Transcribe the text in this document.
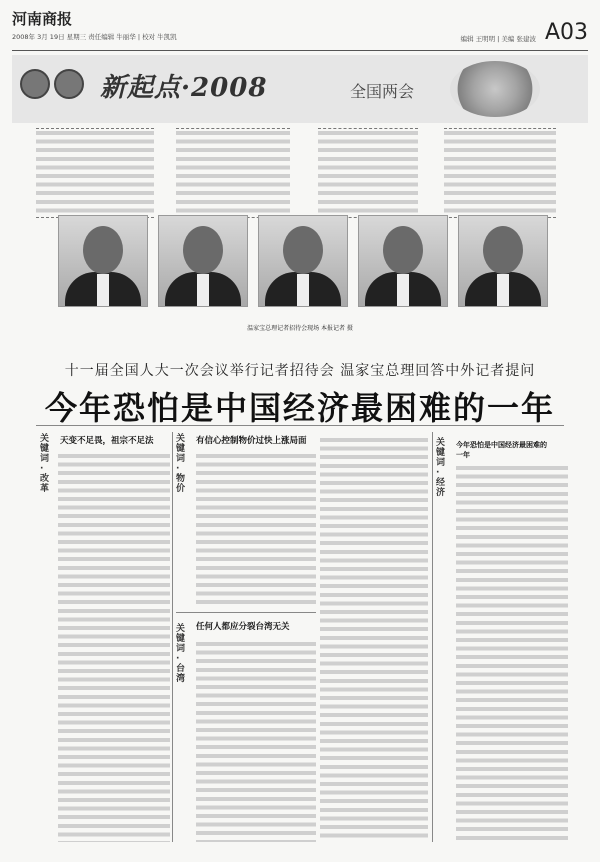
河南商报
2008年 3月 19日 星期三 责任编辑 牛丽华 | 校对 牛凯凯	编辑 王明明 | 美编 张建波 A03
新起点·2008	全国两会
温家宝总理记者招待会现场 本报记者 摄
十一届全国人大一次会议举行记者招待会 温家宝总理回答中外记者提问
今年恐怕是中国经济最困难的一年
关键词·改革
天变不足畏，祖宗不足法 关键词·物价
有信心控制物价过快上涨局面
关键词·台湾
任何人都应分裂台湾无关
关键词·经济
今年恐怕是中国经济最困难的一年
